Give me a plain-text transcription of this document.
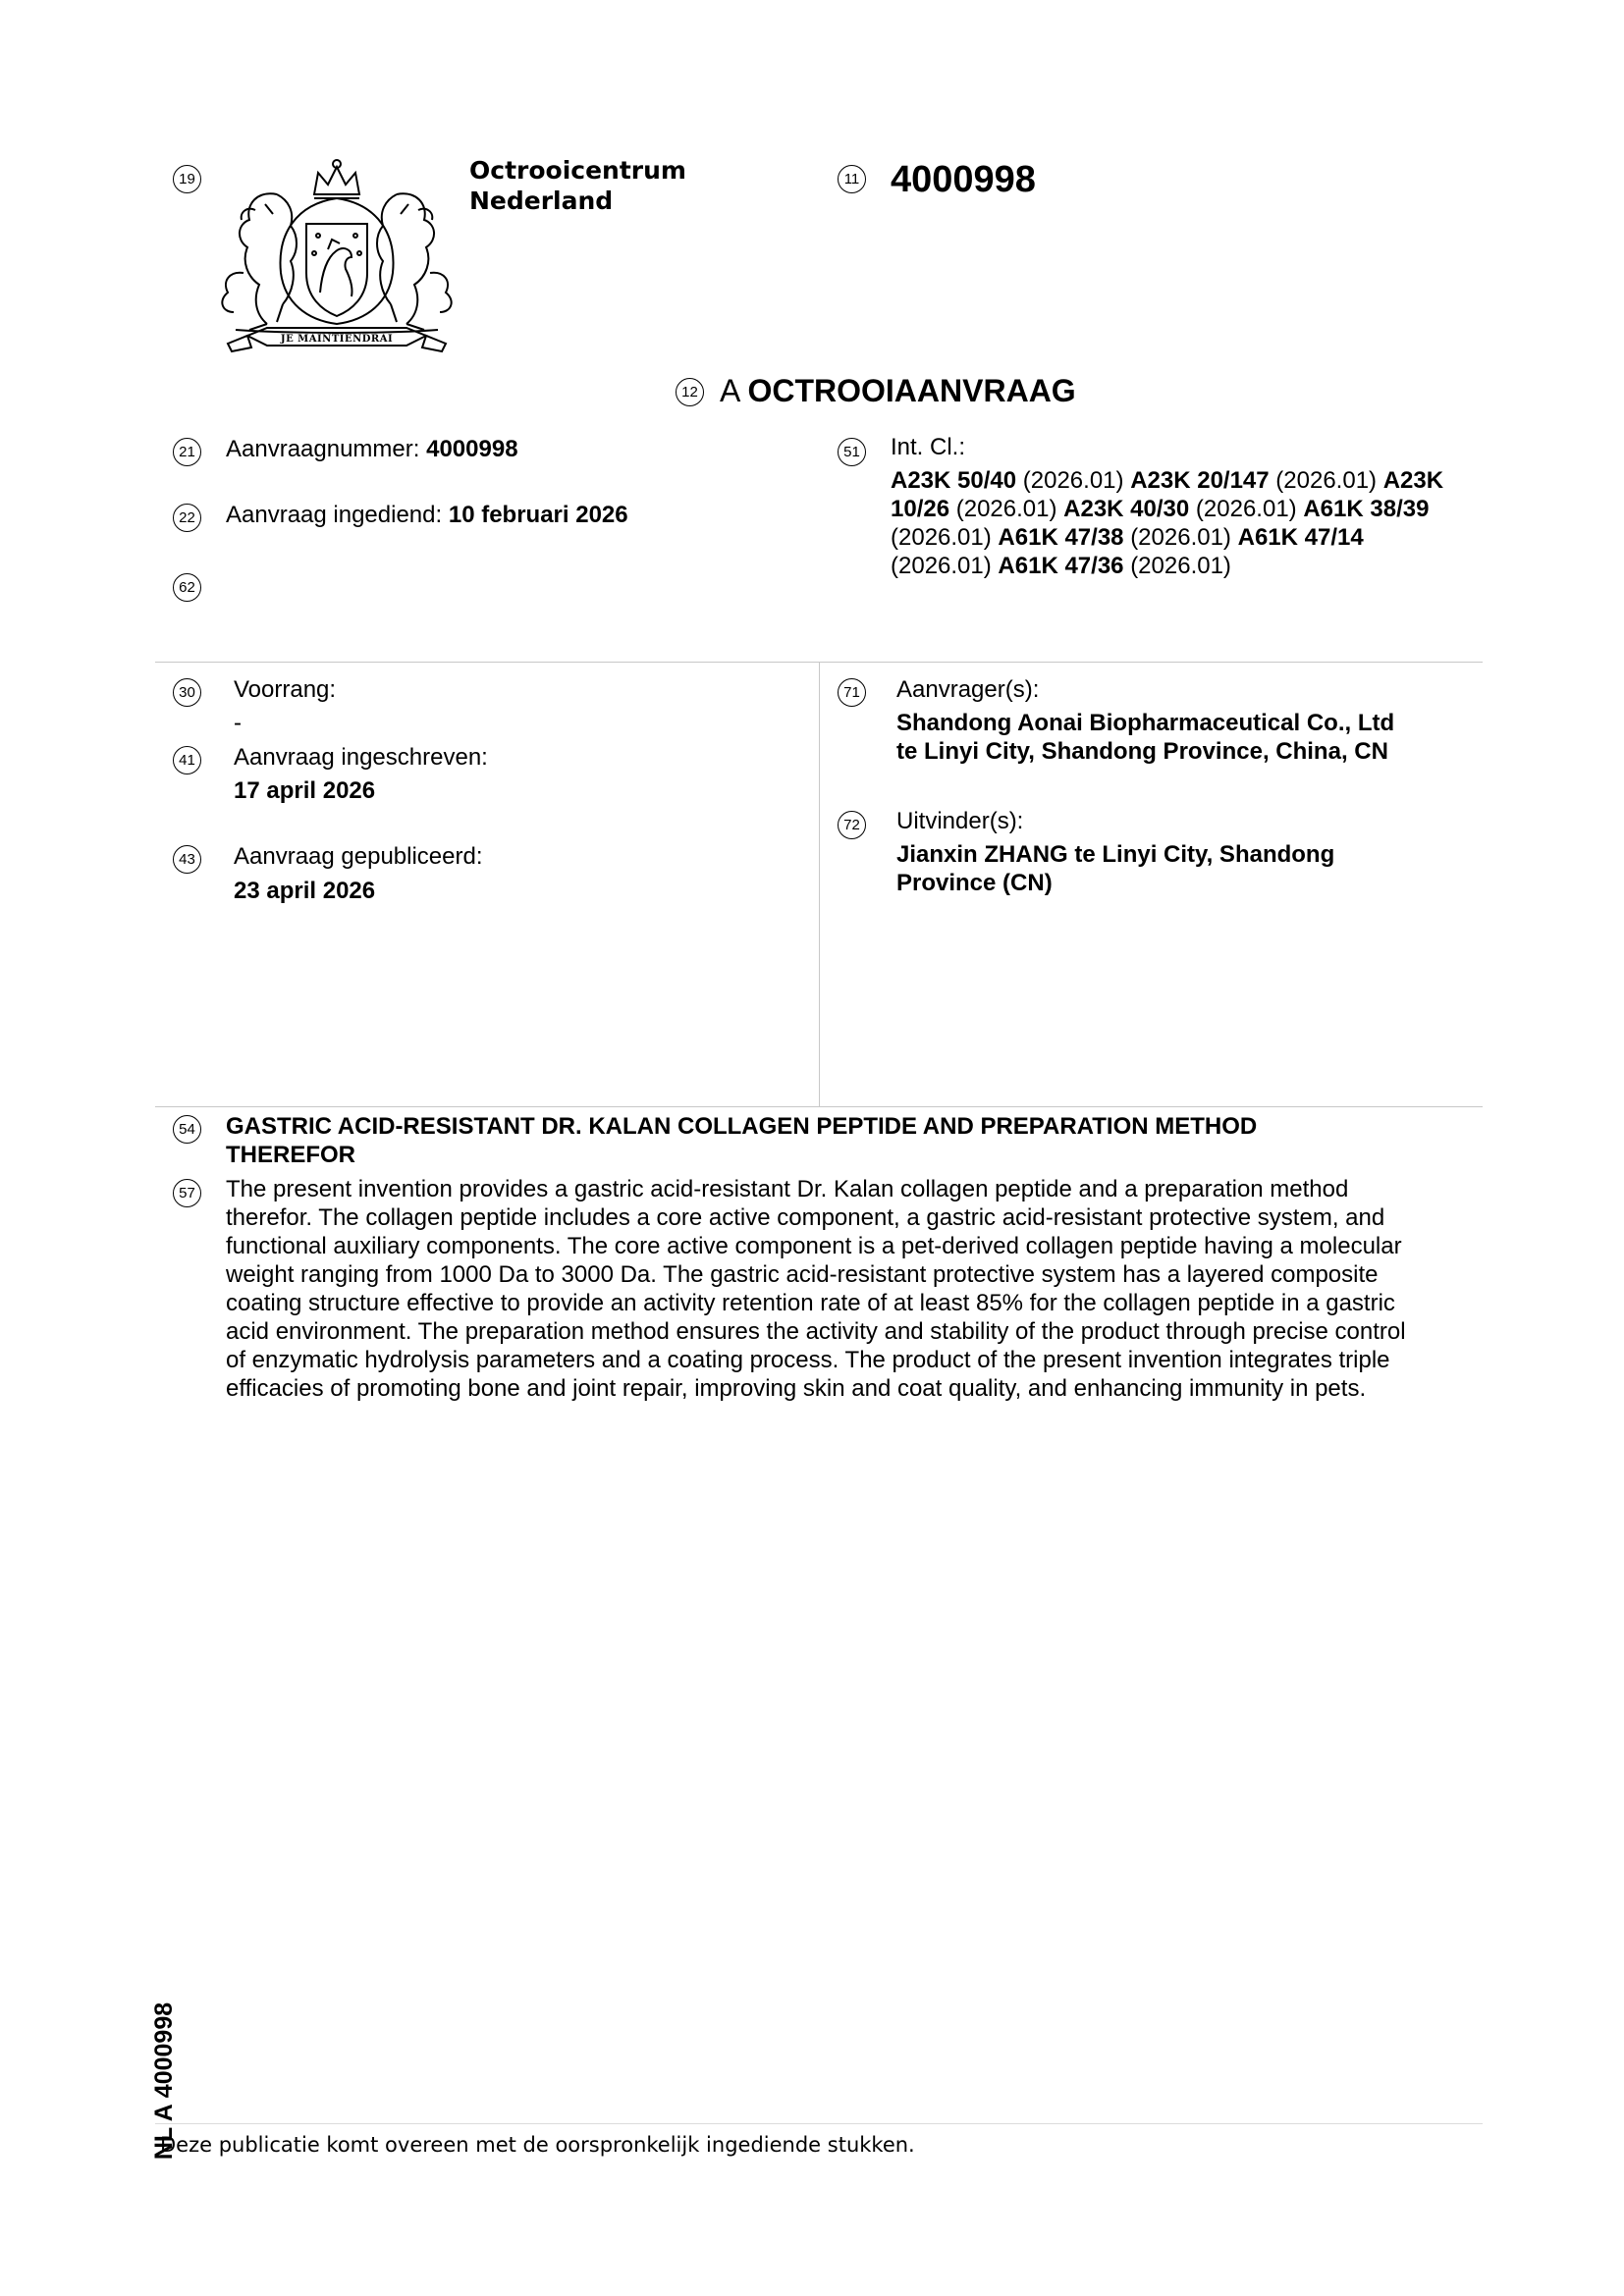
19
JE MAINTIENDRAI
Octrooicentrum
Nederland
11 4000998
12 A OCTROOIAANVRAAG
21 Aanvraagnummer: 4000998
22 Aanvraag ingediend: 10 februari 2026
62
51 Int. Cl.:
A23K 50/40 (2026.01) A23K 20/147 (2026.01) A23K
10/26 (2026.01) A23K 40/30 (2026.01) A61K 38/39
(2026.01) A61K 47/38 (2026.01) A61K 47/14
(2026.01) A61K 47/36 (2026.01)
30 Voorrang:
-
41 Aanvraag ingeschreven:
17 april 2026
43 Aanvraag gepubliceerd:
23 april 2026
71 Aanvrager(s):
Shandong Aonai Biopharmaceutical Co., Ltd
te Linyi City, Shandong Province, China, CN
72 Uitvinder(s):
Jianxin ZHANG te Linyi City, Shandong
Province (CN)
54 GASTRIC ACID-RESISTANT DR. KALAN COLLAGEN PEPTIDE AND PREPARATION METHOD
THEREFOR
57 The present invention provides a gastric acid-resistant Dr. Kalan collagen peptide and a preparation method
therefor. The collagen peptide includes a core active component, a gastric acid-resistant protective system, and
functional auxiliary components. The core active component is a pet-derived collagen peptide having a molecular
weight ranging from 1000 Da to 3000 Da. The gastric acid-resistant protective system has a layered composite
coating structure effective to provide an activity retention rate of at least 85% for the collagen peptide in a gastric
acid environment. The preparation method ensures the activity and stability of the product through precise control
of enzymatic hydrolysis parameters and a coating process. The product of the present invention integrates triple
efficacies of promoting bone and joint repair, improving skin and coat quality, and enhancing immunity in pets.
Deze publicatie komt overeen met de oorspronkelijk ingediende stukken.
NL A 4000998
